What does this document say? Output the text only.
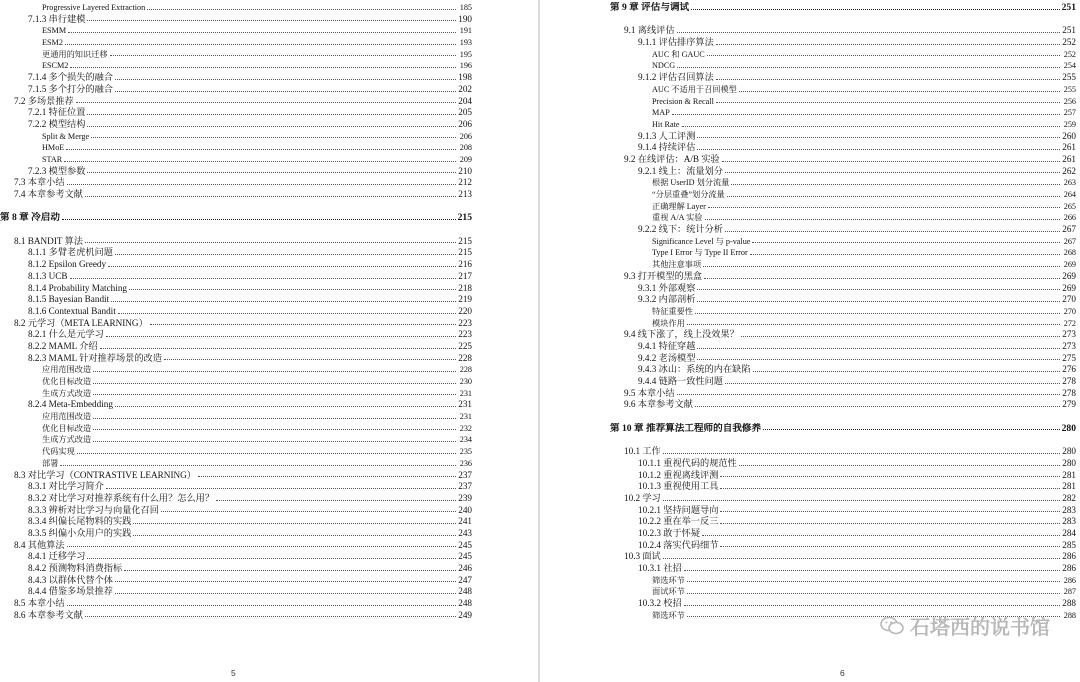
Progressive Layered Extraction	185
7.1.3 串行建模	190
ESMM	191
ESM2	193
更通用的知识迁移	195
ESCM2	196
7.1.4 多个损失的融合	198
7.1.5 多个打分的融合	202
7.2 多场景推荐	204
7.2.1 特征位置	205
7.2.2 模型结构	206
Split & Merge	206
HMoE	208
STAR	209
7.2.3 模型参数	210
7.3 本章小结	212
7.4 本章参考文献	213
第 8 章 冷启动	215
8.1 BANDIT 算法	215
8.1.1 多臂老虎机问题	215
8.1.2 Epsilon Greedy	216
8.1.3 UCB	217
8.1.4 Probability Matching	218
8.1.5 Bayesian Bandit	219
8.1.6 Contextual Bandit	220
8.2 元学习（META LEARNING）	223
8.2.1 什么是元学习	223
8.2.2 MAML 介绍	225
8.2.3 MAML 针对推荐场景的改造	228
应用范围改造	228
优化目标改造	230
生成方式改造	231
8.2.4 Meta-Embedding	231
应用范围改造	231
优化目标改造	232
生成方式改造	234
代码实现	235
部署	236
8.3 对比学习（CONTRASTIVE LEARNING）	237
8.3.1 对比学习简介	237
8.3.2 对比学习对推荐系统有什么用？怎么用？	239
8.3.3 辨析对比学习与向量化召回	240
8.3.4 纠偏长尾物料的实践	241
8.3.5 纠偏小众用户的实践	243
8.4 其他算法	245
8.4.1 迁移学习	245
8.4.2 预测物料消费指标	246
8.4.3 以群体代替个体	247
8.4.4 借鉴多场景推荐	248
8.5 本章小结	248
8.6 本章参考文献	249
5
第 9 章 评估与调试	251
9.1 离线评估	251
9.1.1 评估排序算法	252
AUC 和 GAUC	252
NDCG	254
9.1.2 评估召回算法	255
AUC 不适用于召回模型	255
Precision & Recall	256
MAP	257
Hit Rate	259
9.1.3 人工评测	260
9.1.4 持续评估	261
9.2 在线评估：A/B 实验	261
9.2.1 线上：流量划分	262
根据 UserID 划分流量	263
“分层重叠”划分流量	264
正确理解 Layer	265
重视 A/A 实验	266
9.2.2 线下：统计分析	267
Significance Level 与 p-value	267
Type I Error 与 Type II Error	268
其他注意事项	269
9.3 打开模型的黑盒	269
9.3.1 外部观察	269
9.3.2 内部剖析	270
特征重要性	270
模块作用	272
9.4 线下涨了，线上没效果？	273
9.4.1 特征穿越	273
9.4.2 老汤模型	275
9.4.3 冰山：系统的内在缺陷	276
9.4.4 链路一致性问题	278
9.5 本章小结	278
9.6 本章参考文献	279
第 10 章 推荐算法工程师的自我修养	280
10.1 工作	280
10.1.1 重视代码的规范性	280
10.1.2 重视离线评测	281
10.1.3 重视使用工具	281
10.2 学习	282
10.2.1 坚持问题导向	283
10.2.2 重在举一反三	283
10.2.3 敢于怀疑	284
10.2.4 落实代码细节	285
10.3 面试	286
10.3.1 社招	286
筛选环节	286
面试环节	287
10.3.2 校招	288
筛选环节	288
6
石塔西的说书馆
